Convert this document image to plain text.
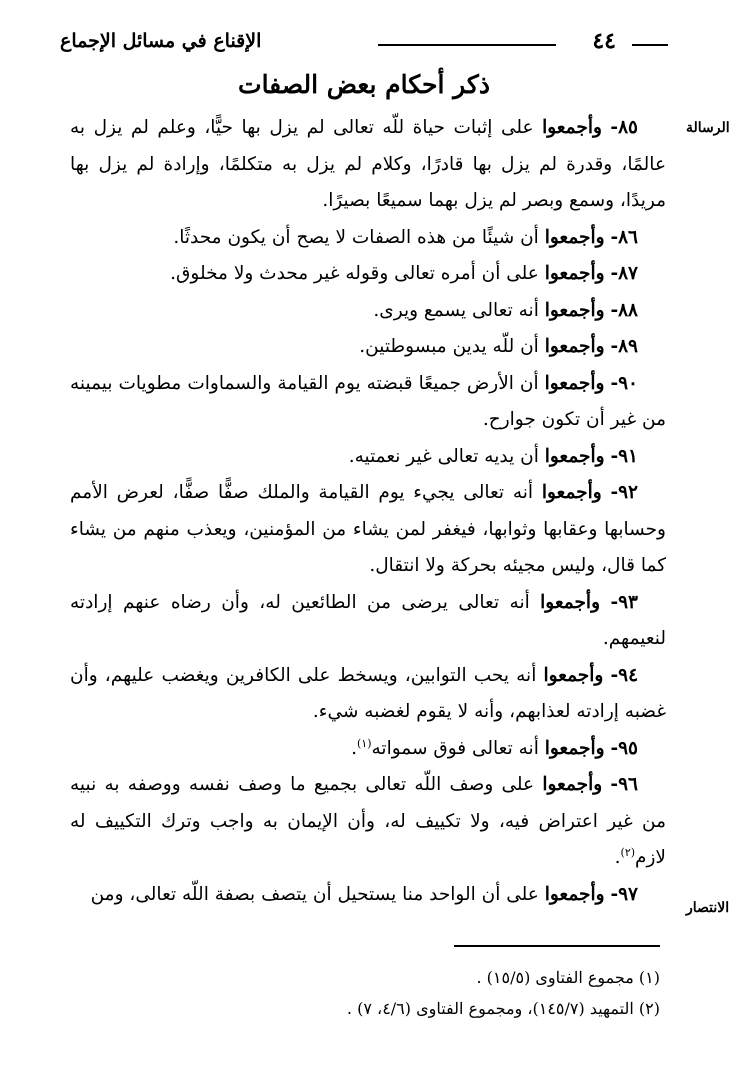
٤٤
الإقناع في مسائل الإجماع
ذكر أحكام بعض الصفات
الرسالة
الانتصار

٨٥- وأجمعوا على إثبات حياة للّه تعالى لم يزل بها حيًّا، وعلم لم يزل به عالمًا، وقدرة لم يزل بها قادرًا، وكلام لم يزل به متكلمًا، وإرادة لم يزل بها مريدًا، وسمع وبصر لم يزل بهما سميعًا بصيرًا.

٨٦- وأجمعوا أن شيئًا من هذه الصفات لا يصح أن يكون محدثًا.

٨٧- وأجمعوا على أن أمره تعالى وقوله غير محدث ولا مخلوق.

٨٨- وأجمعوا أنه تعالى يسمع ويرى.

٨٩- وأجمعوا أن للّه يدين مبسوطتين.

٩٠- وأجمعوا أن الأرض جميعًا قبضته يوم القيامة والسماوات مطويات بيمينه من غير أن تكون جوارح.

٩١- وأجمعوا أن يديه تعالى غير نعمتيه.

٩٢- وأجمعوا أنه تعالى يجيء يوم القيامة والملك صفًّا صفًّا، لعرض الأمم وحسابها وعقابها وثوابها، فيغفر لمن يشاء من المؤمنين، ويعذب منهم من يشاء كما قال، وليس مجيئه بحركة ولا انتقال.

٩٣- وأجمعوا أنه تعالى يرضى من الطائعين له، وأن رضاه عنهم إرادته لنعيمهم.

٩٤- وأجمعوا أنه يحب التوابين، ويسخط على الكافرين ويغضب عليهم، وأن غضبه إرادته لعذابهم، وأنه لا يقوم لغضبه شيء.

٩٥- وأجمعوا أنه تعالى فوق سمواته$^{(١)}$.

٩٦- وأجمعوا على وصف اللّه تعالى بجميع ما وصف نفسه ووصفه به نبيه من غير اعتراض فيه، ولا تكييف له، وأن الإيمان به واجب وترك التكييف له لازم$^{(٢)}$.

٩٧- وأجمعوا على أن الواحد منا يستحيل أن يتصف بصفة اللّه تعالى، ومن

(١) مجموع الفتاوى (١٥/٥) .
(٢) التمهيد (١٤٥/٧)، ومجموع الفتاوى (٤/٦، ٧) .
